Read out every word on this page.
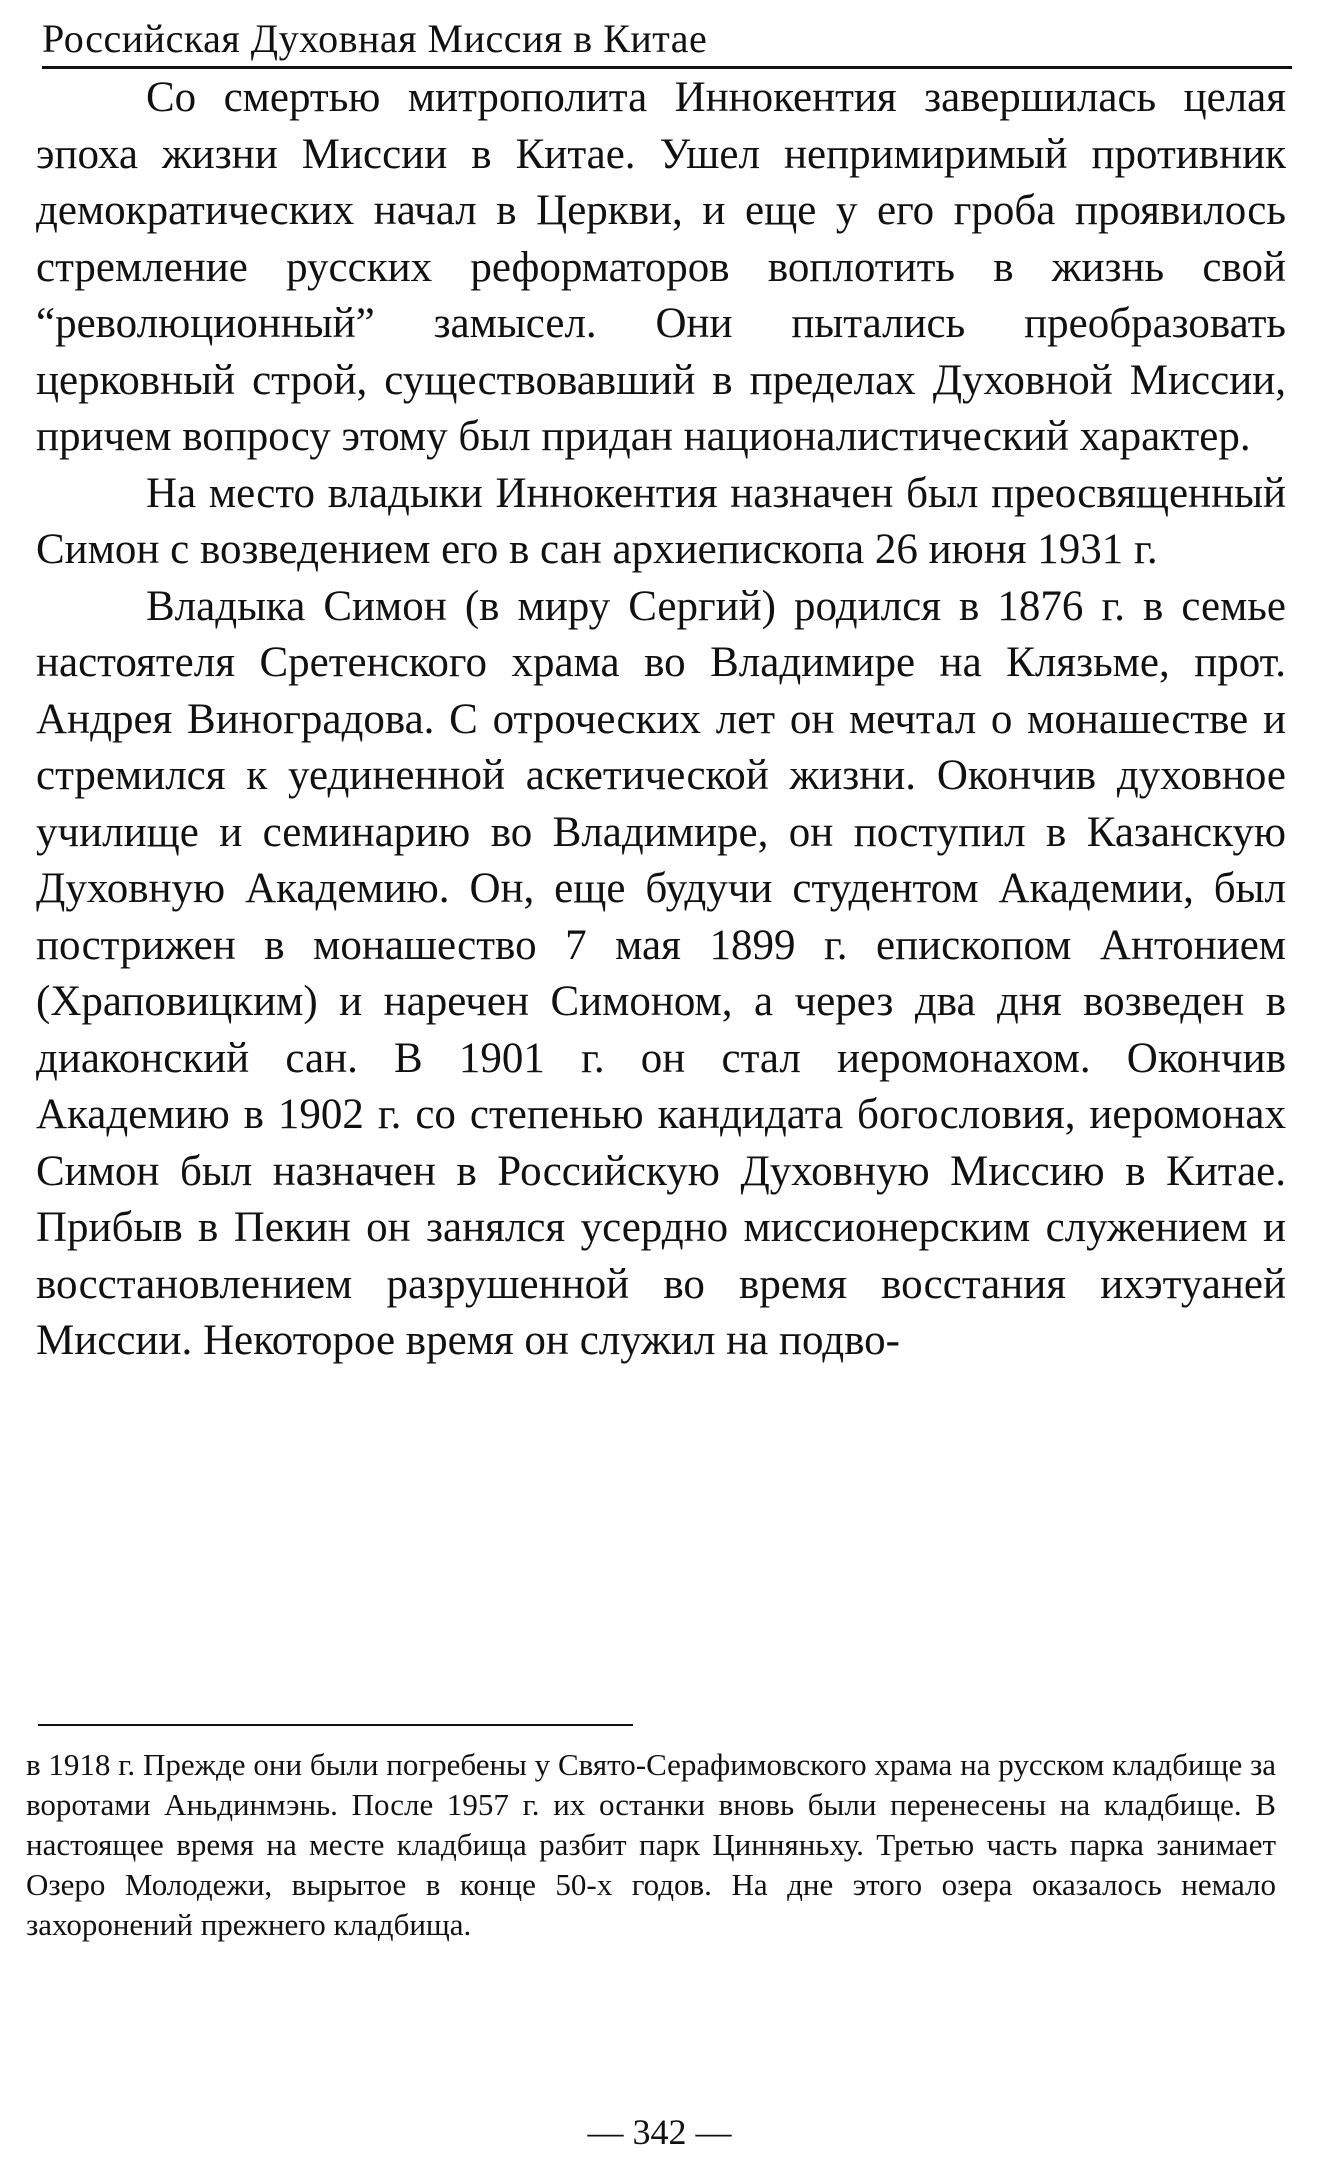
Российская Духовная Миссия в Китае

Со смертью митрополита Иннокентия завершилась целая эпоха жизни Миссии в Китае. Ушел непримиримый противник демократических начал в Церкви, и еще у его гроба проявилось стремление русских реформаторов воплотить в жизнь свой “революционный” замысел. Они пытались преобразовать церковный строй, существовавший в пределах Духовной Миссии, причем вопросу этому был придан националистический характер.

На место владыки Иннокентия назначен был преосвященный Симон с возведением его в сан архиепископа 26 июня 1931 г.

Владыка Симон (в миру Сергий) родился в 1876 г. в семье настоятеля Сретенского храма во Владимире на Клязьме, прот. Андрея Виноградова. С отроческих лет он мечтал о монашестве и стремился к уединенной аскетической жизни. Окончив духовное училище и семинарию во Владимире, он поступил в Казанскую Духовную Академию. Он, еще будучи студентом Академии, был пострижен в монашество 7 мая 1899 г. епископом Антонием (Храповицким) и наречен Симоном, а через два дня возведен в диаконский сан. В 1901 г. он стал иеромонахом. Окончив Академию в 1902 г. со степенью кандидата богословия, иеромонах Симон был назначен в Российскую Духовную Миссию в Китае. Прибыв в Пекин он занялся усердно миссионерским служением и восстановлением разрушенной во время восстания ихэтуаней Миссии. Некоторое время он служил на подво-

в 1918 г. Прежде они были погребены у Свято-Серафимовского храма на русском кладбище за воротами Аньдинмэнь. После 1957 г. их останки вновь были перенесены на кладбище. В настоящее время на месте кладбища разбит парк Цинняньху. Третью часть парка занимает Озеро Молодежи, вырытое в конце 50-х годов. На дне этого озера оказалось немало захоронений прежнего кладбища.

— 342 —
